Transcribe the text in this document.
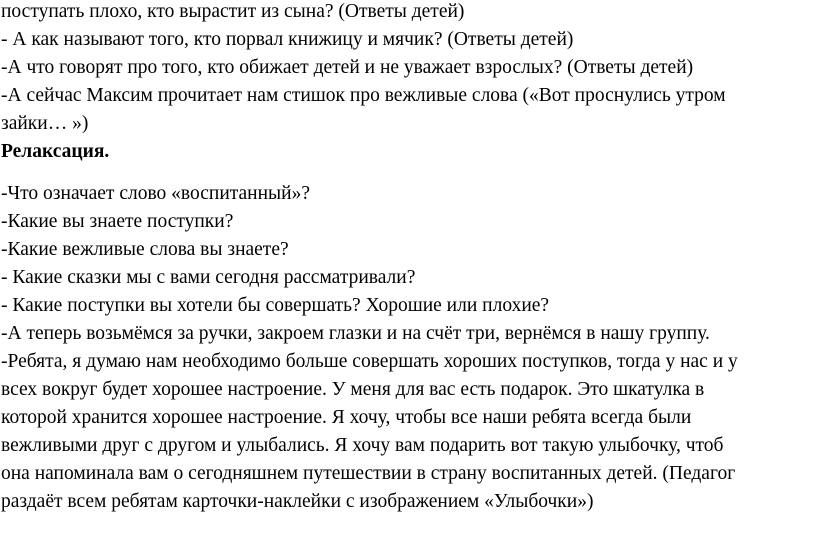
поступать плохо, кто вырастит из сына? (Ответы детей)
- А как называют того, кто порвал книжицу и мячик? (Ответы детей)
-А что говорят про того, кто обижает детей и не уважает взрослых? (Ответы детей)
-А сейчас Максим прочитает нам стишок про вежливые слова («Вот проснулись утром
зайки… »)
Релаксация.
-Что означает слово «воспитанный»?
-Какие вы знаете поступки?
-Какие вежливые слова вы знаете?
- Какие сказки мы с вами сегодня рассматривали?
- Какие поступки вы хотели бы совершать? Хорошие или плохие?
-А теперь возьмёмся за ручки, закроем глазки и на счёт три, вернёмся в нашу группу.
-Ребята, я думаю нам необходимо больше совершать хороших поступков, тогда у нас и у
всех вокруг будет хорошее настроение. У меня для вас есть подарок. Это шкатулка в
которой хранится хорошее настроение. Я хочу, чтобы все наши ребята всегда были
вежливыми друг с другом и улыбались. Я хочу вам подарить вот такую улыбочку, чтоб
она напоминала вам о сегодняшнем путешествии в страну воспитанных детей. (Педагог
раздаёт всем ребятам карточки-наклейки с изображением «Улыбочки»)
